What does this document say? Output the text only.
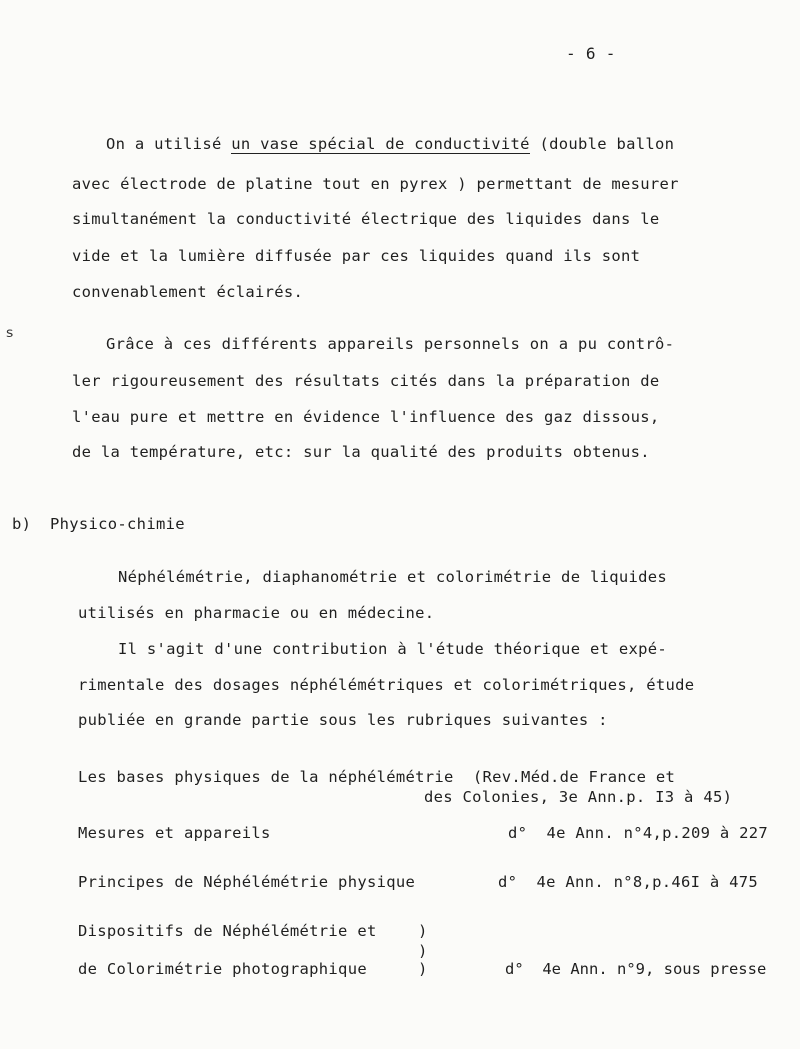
- 6 -
On a utilisé un vase spécial de conductivité (double ballon
avec électrode de platine tout en pyrex ) permettant de mesurer
simultanément la conductivité électrique des liquides dans le
vide et la lumière diffusée par ces liquides quand ils sont
convenablement éclairés.
ꜱ
Grâce à ces différents appareils personnels on a pu contrô-
ler rigoureusement des résultats cités dans la préparation de
l'eau pure et mettre en évidence l'influence des gaz dissous,
de la température, etc: sur la qualité des produits obtenus.
b) Physico-chimie
Néphélémétrie, diaphanométrie et colorimétrie de liquides
utilisés en pharmacie ou en médecine.
Il s'agit d'une contribution à l'étude théorique et expé-
rimentale des dosages néphélémétriques et colorimétriques, étude
publiée en grande partie sous les rubriques suivantes :
Les bases physiques de la néphélémétrie  (Rev.Méd.de France et
des Colonies, 3e Ann.p. I3 à 45)
Mesures et appareils	d°  4e Ann. n°4,p.209 à 227
Principes de Néphélémétrie physique	d°  4e Ann. n°8,p.46I à 475
Dispositifs de Néphélémétrie et	)
)
de Colorimétrie photographique	)	d°  4e Ann. n°9, sous presse
